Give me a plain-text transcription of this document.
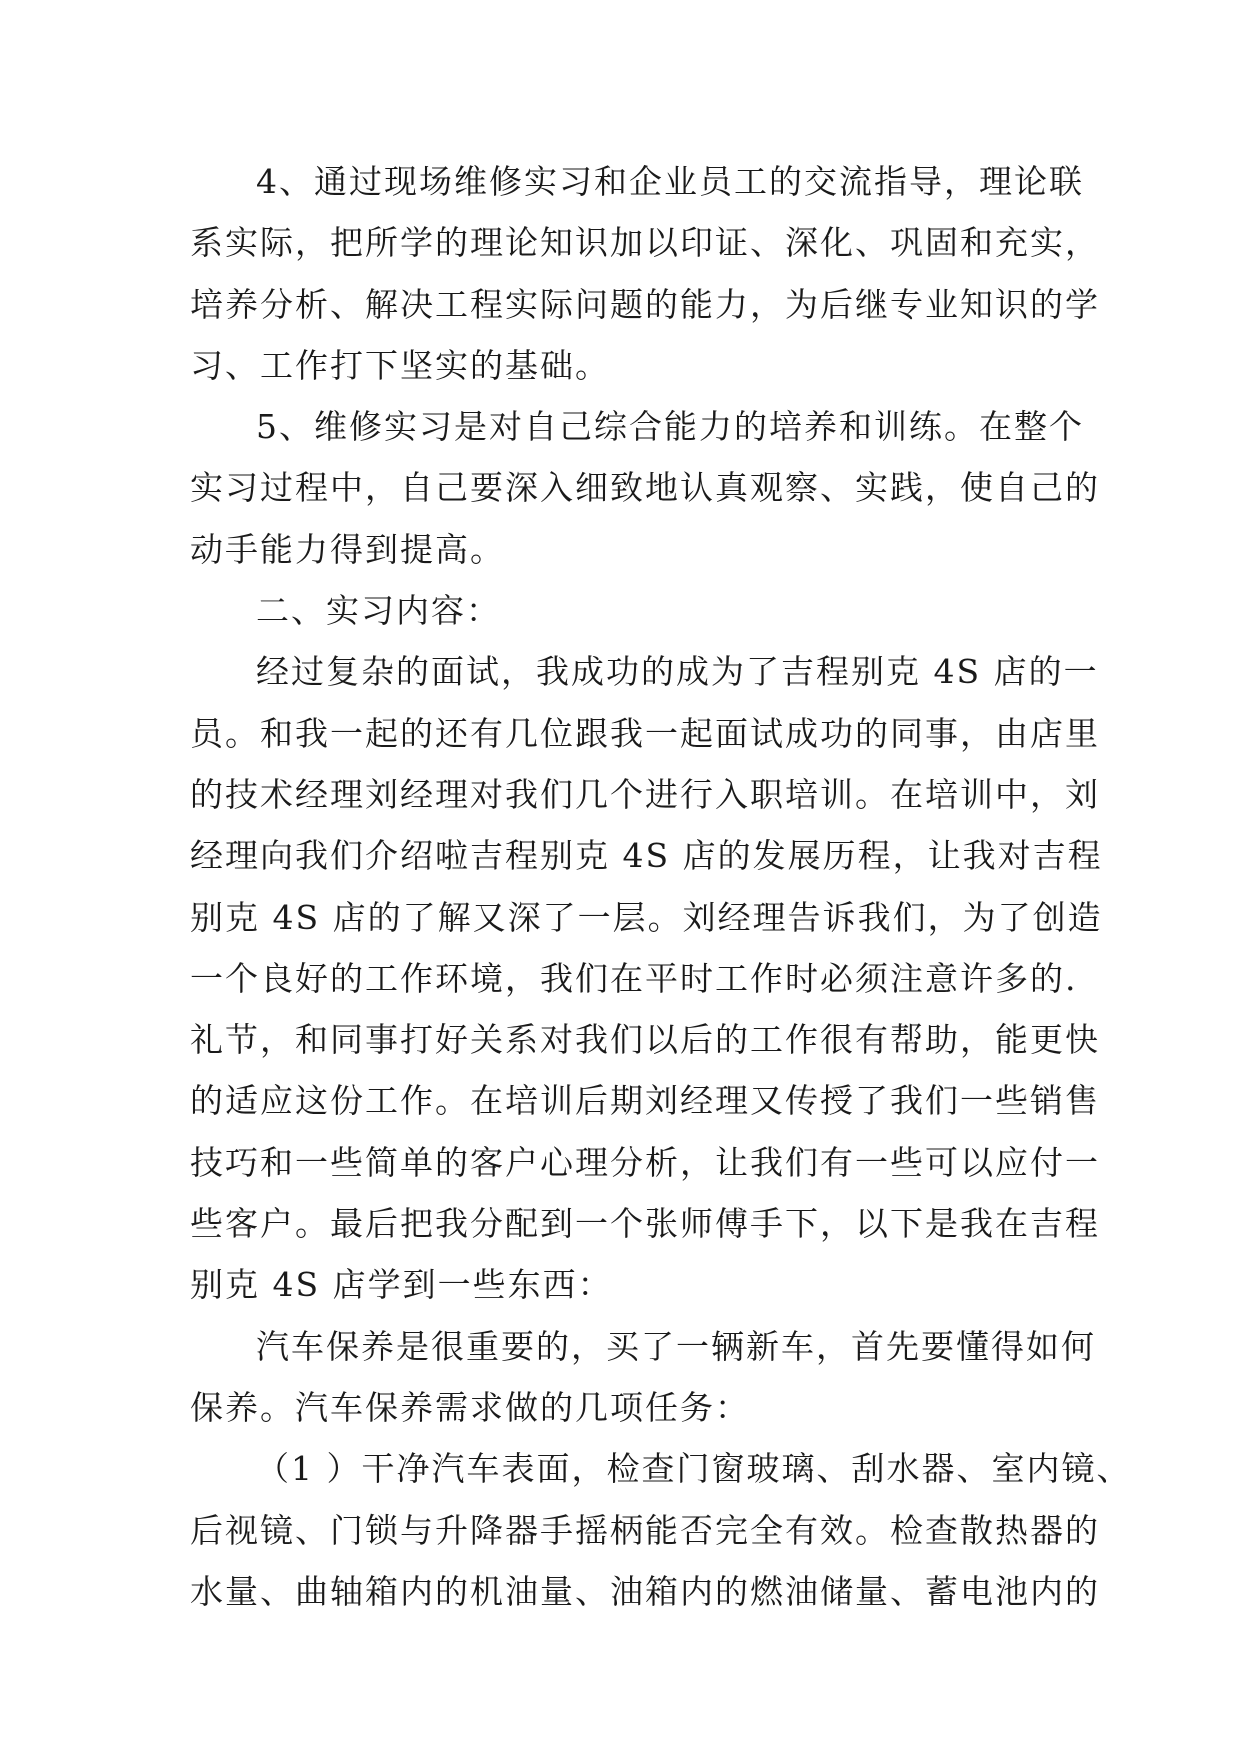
4、通过现场维修实习和企业员工的交流指导，理论联
系实际，把所学的理论知识加以印证、深化、巩固和充实，
培养分析、解决工程实际问题的能力，为后继专业知识的学
习、工作打下坚实的基础。
5、维修实习是对自己综合能力的培养和训练。在整个
实习过程中，自己要深入细致地认真观察、实践，使自己的
动手能力得到提高。
二、实习内容：
经过复杂的面试，我成功的成为了吉程别克 4S 店的一
员。和我一起的还有几位跟我一起面试成功的同事，由店里
的技术经理刘经理对我们几个进行入职培训。在培训中，刘
经理向我们介绍啦吉程别克 4S 店的发展历程，让我对吉程
别克 4S 店的了解又深了一层。刘经理告诉我们，为了创造
一个良好的工作环境，我们在平时工作时必须注意许多的.
礼节，和同事打好关系对我们以后的工作很有帮助，能更快
的适应这份工作。在培训后期刘经理又传授了我们一些销售
技巧和一些简单的客户心理分析，让我们有一些可以应付一
些客户。最后把我分配到一个张师傅手下，以下是我在吉程
别克 4S 店学到一些东西：
汽车保养是很重要的，买了一辆新车，首先要懂得如何
保养。汽车保养需求做的几项任务：
（1 ）干净汽车表面，检查门窗玻璃、刮水器、室内镜、
后视镜、门锁与升降器手摇柄能否完全有效。检查散热器的
水量、曲轴箱内的机油量、油箱内的燃油储量、蓄电池内的
